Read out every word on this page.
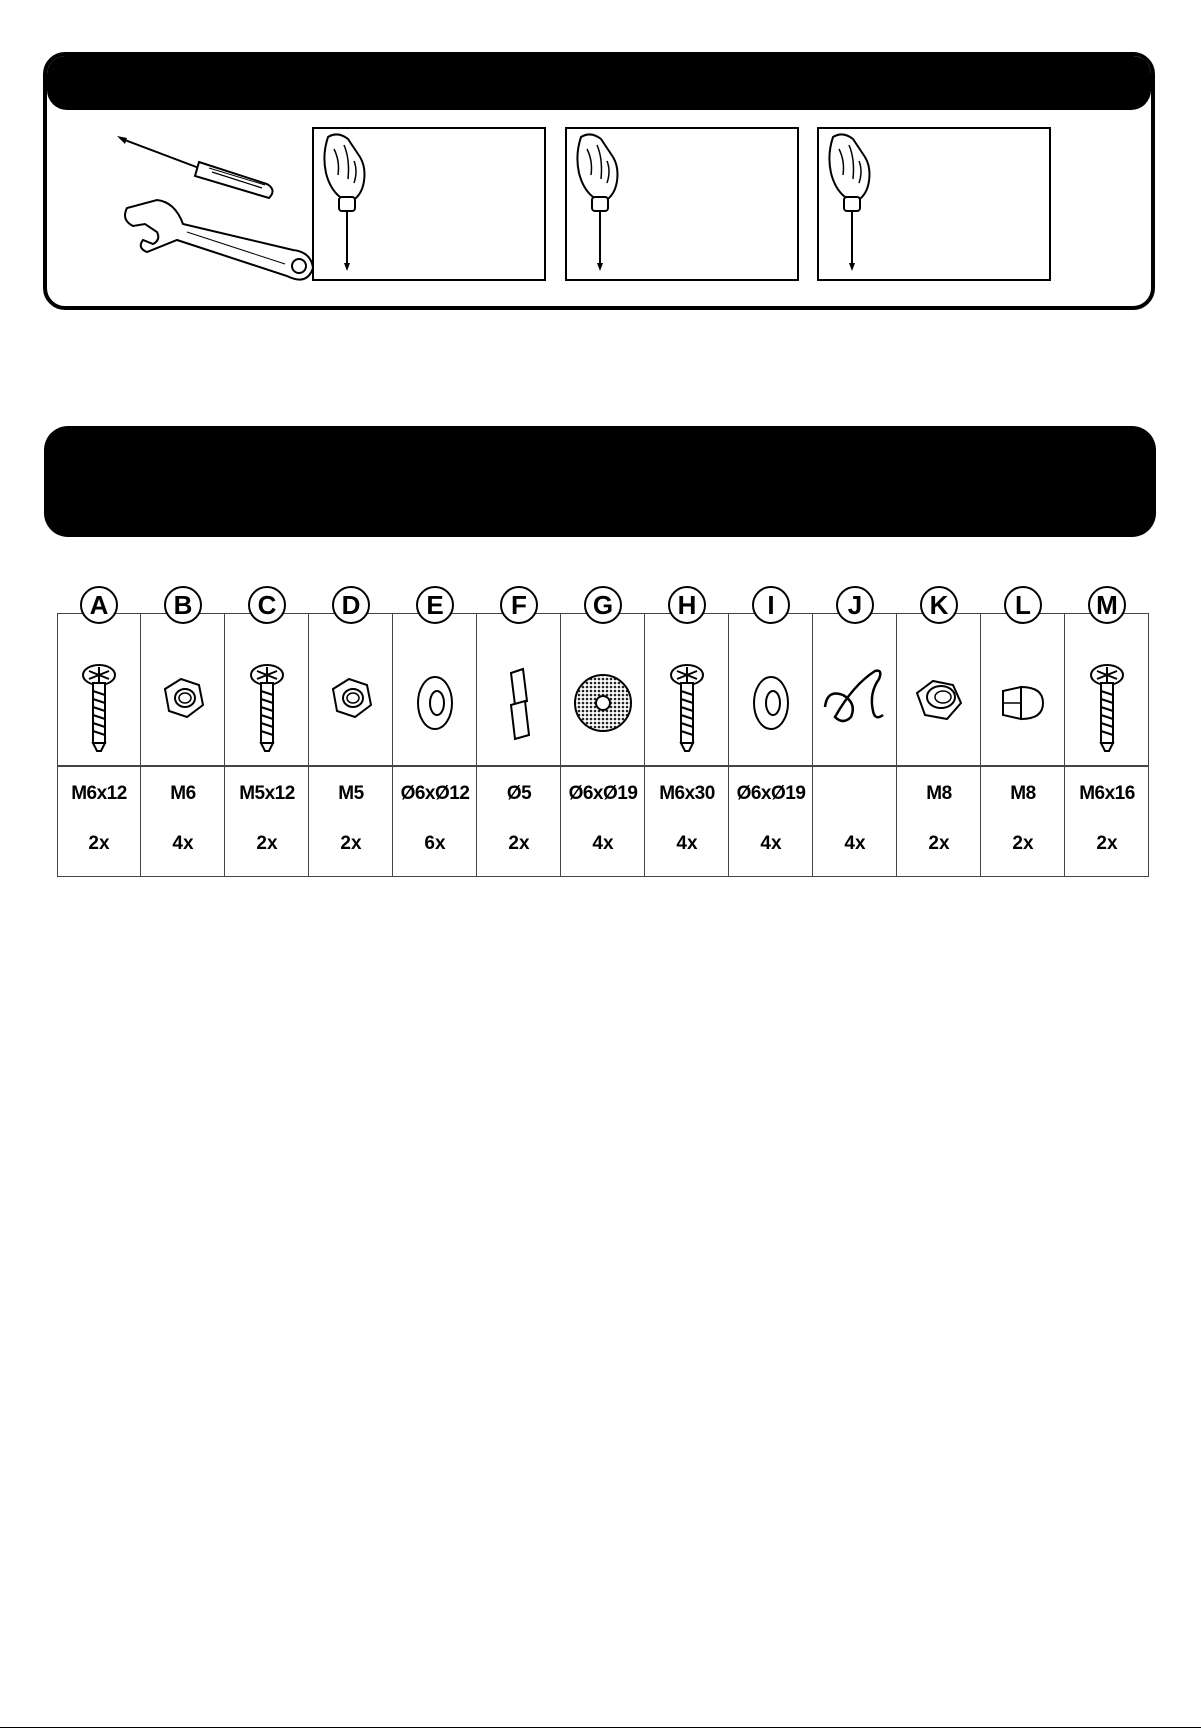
A
M6x12
2x
B
M6
4x
C
M5x12
2x
D
M5
2x
E
Ø6xØ12
6x
F
Ø5
2x
G
Ø6xØ19
4x
H
M6x30
4x
I
Ø6xØ19
4x
J
4x
K
M8
2x
L
M8
2x
M
M6x16
2x
